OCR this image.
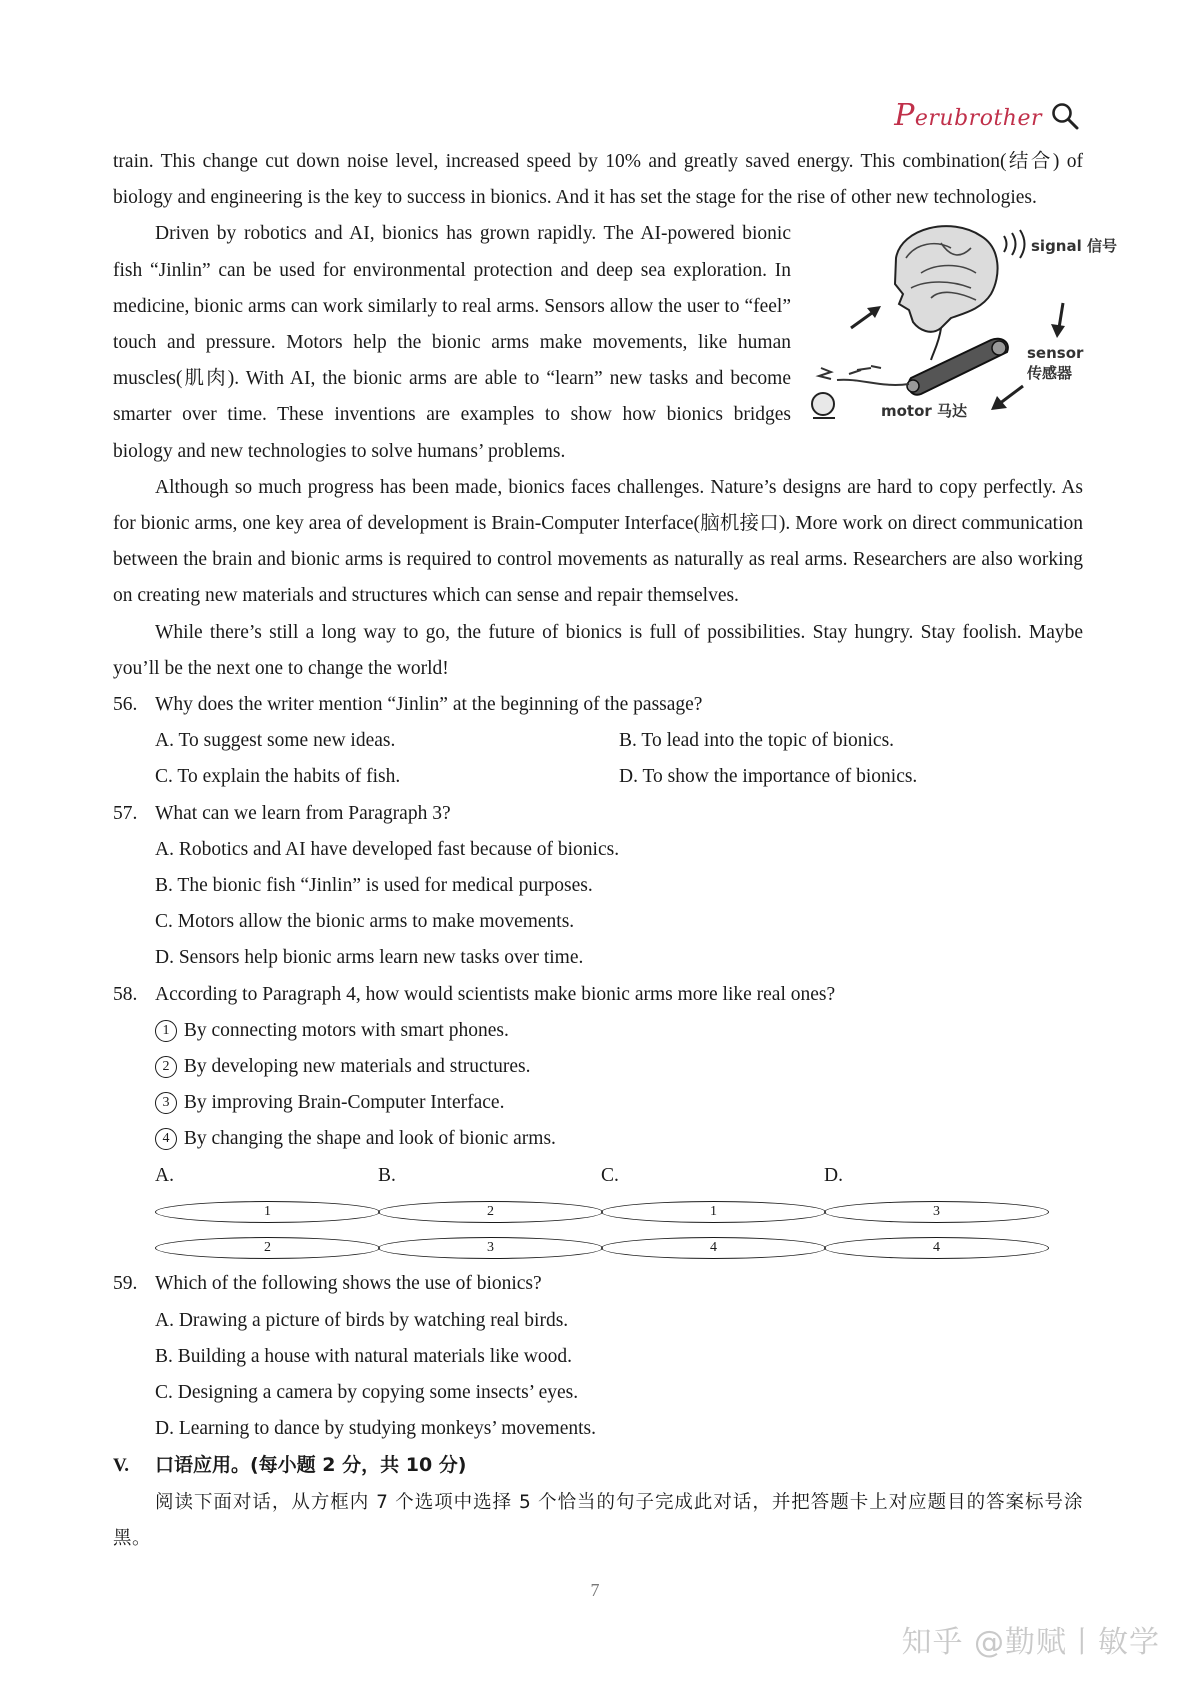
Perubrother

train. This change cut down noise level, increased speed by 10% and greatly saved energy. This combination(结合) of biology and engineering is the key to success in bionics. And it has set the stage for the rise of other new technologies.

signal 信号
sensor
传感器
motor 马达
Driven by robotics and AI, bionics has grown rapidly. The AI-powered bionic fish “Jinlin” can be used for environmental protection and deep sea exploration. In medicine, bionic arms can work similarly to real arms. Sensors allow the user to “feel” touch and pressure. Motors help the bionic arms make movements, like human muscles(肌肉). With AI, the bionic arms are able to “learn” new tasks and become smarter over time. These inventions are examples to show how bionics bridges biology and new technologies to solve humans’ problems.

Although so much progress has been made, bionics faces challenges. Nature’s designs are hard to copy perfectly. As for bionic arms, one key area of development is Brain-Computer Interface(脑机接口). More work on direct communication between the brain and bionic arms is required to control movements as naturally as real arms. Researchers are also working on creating new materials and structures which can sense and repair themselves.

While there’s still a long way to go, the future of bionics is full of possibilities. Stay hungry. Stay foolish. Maybe you’ll be the next one to change the world!

56. Why does the writer mention “Jinlin” at the beginning of the passage?
A. To suggest some new ideas.	B. To lead into the topic of bionics.
C. To explain the habits of fish.	D. To show the importance of bionics.
57. What can we learn from Paragraph 3?
A. Robotics and AI have developed fast because of bionics.
B. The bionic fish “Jinlin” is used for medical purposes.
C. Motors allow the bionic arms to make movements.
D. Sensors help bionic arms learn new tasks over time.
58. According to Paragraph 4, how would scientists make bionic arms more like real ones?
1 By connecting motors with smart phones.
2 By developing new materials and structures.
3 By improving Brain-Computer Interface.
4 By changing the shape and look of bionic arms.
A. 12
B. 23
C. 14
D. 34
59. Which of the following shows the use of bionics?
A. Drawing a picture of birds by watching real birds.
B. Building a house with natural materials like wood.
C. Designing a camera by copying some insects’ eyes.
D. Learning to dance by studying monkeys’ movements.
V. 口语应用。(每小题 2 分，共 10 分)

阅读下面对话，从方框内 7 个选项中选择 5 个恰当的句子完成此对话，并把答题卡上对应题目的答案标号涂黑。

7
知乎 @勤赋丨敏学
